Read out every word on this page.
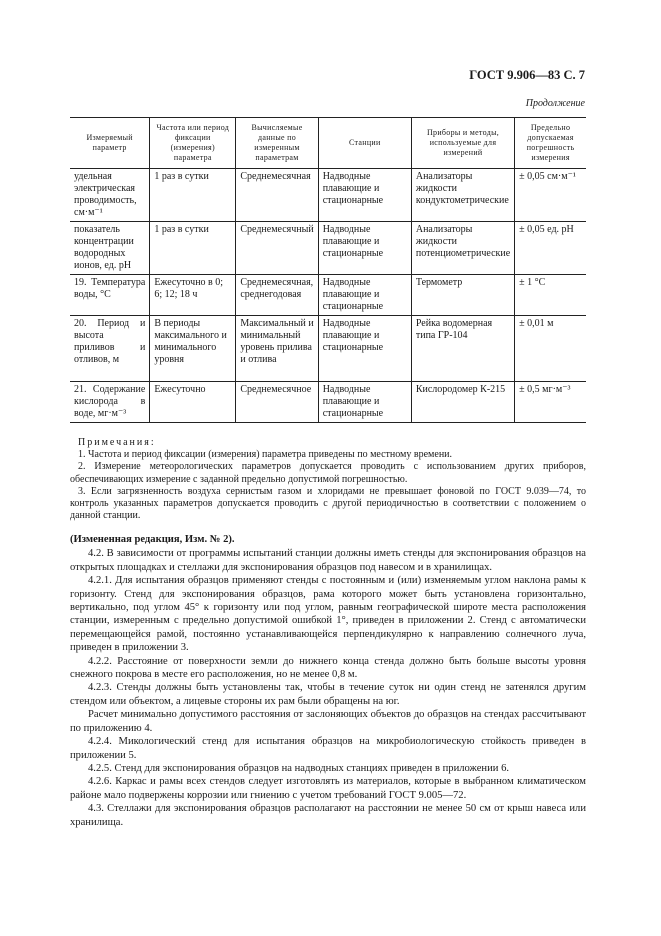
ГОСТ 9.906—83 С. 7
Продолжение
Измеряемый параметр	Частота или период фиксации (измерения) параметра	Вычисляемые данные по измеренным параметрам	Станции	Приборы и методы, используемые для измерений	Предельно допускаемая погрешность измерения
удельная электрическая проводимость, см·м⁻¹	1 раз в сутки	Среднемесячная	Надводные плавающие и стационарные	Анализаторы жидкости кондуктометрические	± 0,05 см·м⁻¹
показатель концентрации водородных ионов, ед. pH	1 раз в сутки	Среднемесячный	Надводные плавающие и стационарные	Анализаторы жидкости потенциометрические	± 0,05 ед. pH
19. Температура воды, °С	Ежесуточно в 0; 6; 12; 18 ч	Среднемесячная, среднегодовая	Надводные плавающие и стационарные	Термометр	± 1 °С
20. Период и высота приливов и отливов, м	В периоды максимального и минимального уровня	Максимальный и минимальный уровень прилива и отлива	Надводные плавающие и стационарные	Рейка водомерная типа ГР-104	± 0,01 м
21. Содержание кислорода в воде, мг·м⁻³	Ежесуточно	Среднемесячное	Надводные плавающие и стационарные	Кислородомер К-215	± 0,5 мг·м⁻³
Примечания:

1. Частота и период фиксации (измерения) параметра приведены по местному времени.

2. Измерение метеорологических параметров допускается проводить с использованием других приборов, обеспечивающих измерение с заданной предельно допустимой погрешностью.

3. Если загрязненность воздуха сернистым газом и хлоридами не превышает фоновой по ГОСТ 9.039—74, то контроль указанных параметров допускается проводить с другой периодичностью в соответствии с положением о данной станции.

(Измененная редакция, Изм. № 2).

4.2. В зависимости от программы испытаний станции должны иметь стенды для экспонирования образцов на открытых площадках и стеллажи для экспонирования образцов под навесом и в хранилищах.

4.2.1. Для испытания образцов применяют стенды с постоянным и (или) изменяемым углом наклона рамы к горизонту. Стенд для экспонирования образцов, рама которого может быть установлена горизонтально, вертикально, под углом 45° к горизонту или под углом, равным географической широте места расположения станции, измеренным с предельно допустимой ошибкой 1°, приведен в приложении 2. Стенд с автоматически перемещающейся рамой, постоянно устанавливающейся перпендикулярно к направлению солнечного луча, приведен в приложении 3.

4.2.2. Расстояние от поверхности земли до нижнего конца стенда должно быть больше высоты уровня снежного покрова в месте его расположения, но не менее 0,8 м.

4.2.3. Стенды должны быть установлены так, чтобы в течение суток ни один стенд не затенялся другим стендом или объектом, а лицевые стороны их рам были обращены на юг.

Расчет минимально допустимого расстояния от заслоняющих объектов до образцов на стендах рассчитывают по приложению 4.

4.2.4. Микологический стенд для испытания образцов на микробиологическую стойкость приведен в приложении 5.

4.2.5. Стенд для экспонирования образцов на надводных станциях приведен в приложении 6.

4.2.6. Каркас и рамы всех стендов следует изготовлять из материалов, которые в выбранном климатическом районе мало подвержены коррозии или гниению с учетом требований ГОСТ 9.005—72.

4.3. Стеллажи для экспонирования образцов располагают на расстоянии не менее 50 см от крыш навеса или хранилища.
